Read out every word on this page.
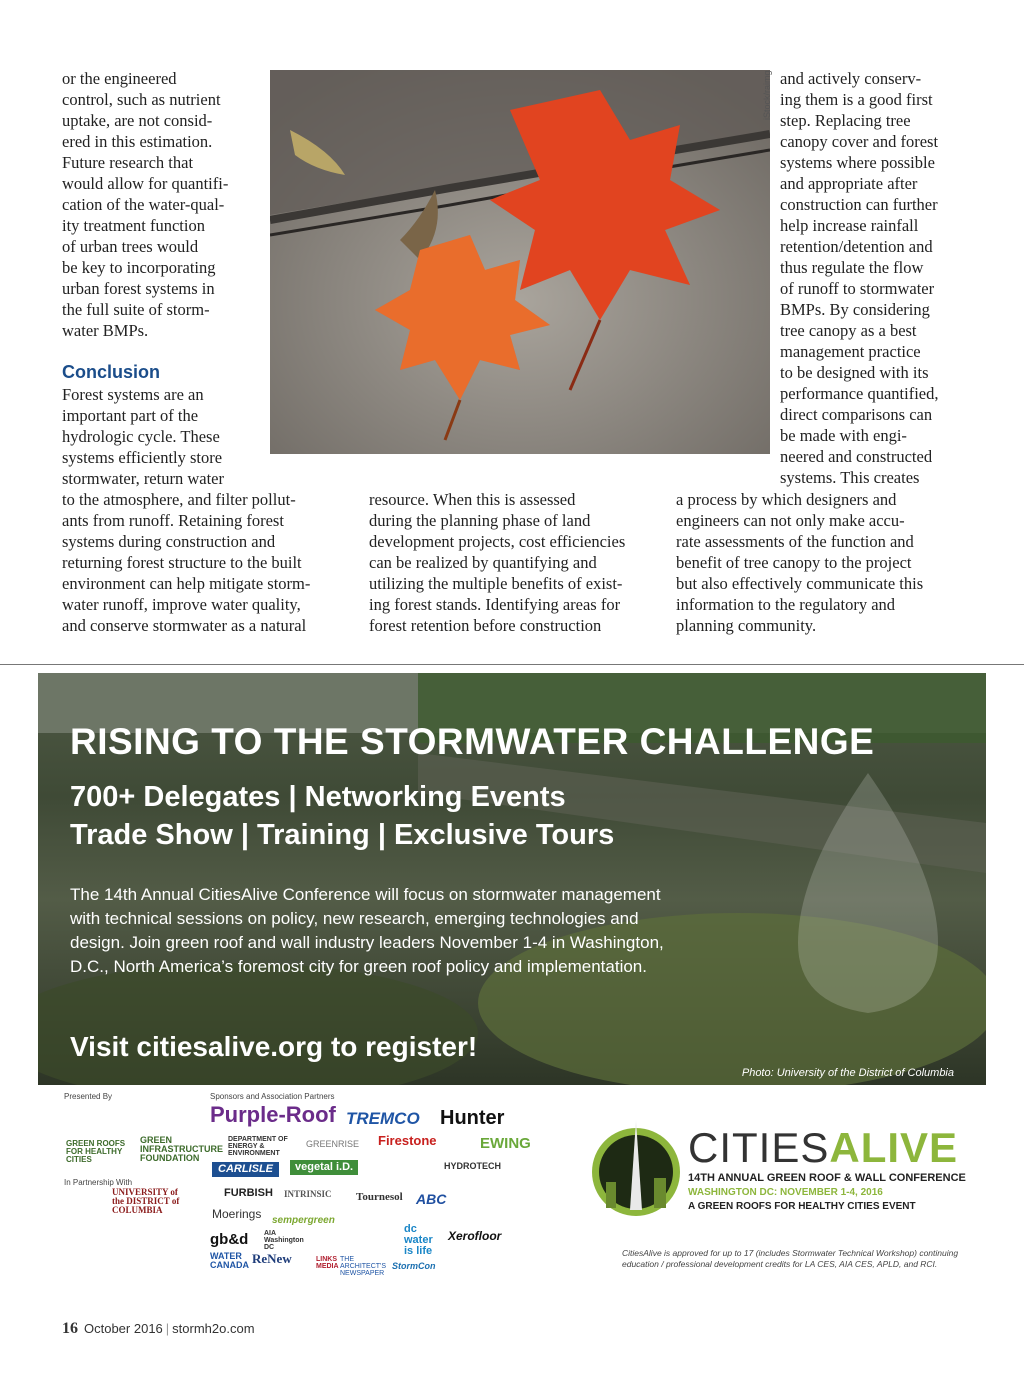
or the engineered
control, such as nutrient
uptake, are not consid-
ered in this estimation.
Future research that
would allow for quantifi-
cation of the water-qual-
ity treatment function
of urban trees would
be key to incorporating
urban forest systems in
the full suite of storm-
water BMPs.
Conclusion
Forest systems are an
important part of the
hydrologic cycle. These
systems efficiently store
stormwater, return water
and actively conserv-
ing them is a good first
step. Replacing tree
canopy cover and forest
systems where possible
and appropriate after
construction can further
help increase rainfall
retention/detention and
thus regulate the flow
of runoff to stormwater
BMPs. By considering
tree canopy as a best
management practice
to be designed with its
performance quantified,
direct comparisons can
be made with engi-
neered and constructed
systems. This creates
to the atmosphere, and filter pollut-
ants from runoff. Retaining forest
systems during construction and
returning forest structure to the built
environment can help mitigate storm-
water runoff, improve water quality,
and conserve stormwater as a natural
resource. When this is assessed
during the planning phase of land
development projects, cost efficiencies
can be realized by quantifying and
utilizing the multiple benefits of exist-
ing forest stands. Identifying areas for
forest retention before construction
a process by which designers and
engineers can not only make accu-
rate assessments of the function and
benefit of tree canopy to the project
but also effectively communicate this
information to the regulatory and
planning community.
iStock/raimg
RISING TO THE STORMWATER CHALLENGE
700+ Delegates | Networking Events
Trade Show | Training | Exclusive Tours
The 14th Annual CitiesAlive Conference will focus on stormwater management with technical sessions on policy, new research, emerging technologies and design. Join green roof and wall industry leaders November 1-4 in Washington, D.C., North America’s foremost city for green roof policy and implementation.
Visit citiesalive.org to register!
Photo: University of the District of Columbia
Presented By	Sponsors and Association Partners
In Partnership With
GREEN ROOFS FOR HEALTHY CITIES
GREEN INFRASTRUCTURE FOUNDATION
UNIVERSITY of the DISTRICT of COLUMBIA
Purple-Roof TREMCO Hunter
DEPARTMENT OF ENERGY & ENVIRONMENT
GREENRISE Firestone	EWING
CARLISLE	vegetal i.D.	HYDROTECH
FURBISH INTRINSIC Tournesol ABC
Moerings sempergreen
gb&d AIA Washington DC
dc water is life
Xerofloor
WATER CANADA ReNew	LINKS MEDIA
THE ARCHITECT'S NEWSPAPER
StormCon
CITIESALIVE
14TH ANNUAL GREEN ROOF & WALL CONFERENCE
WASHINGTON DC: NOVEMBER 1-4, 2016
A GREEN ROOFS FOR HEALTHY CITIES EVENT
CitiesAlive is approved for up to 17 (includes Stormwater Technical Workshop) continuing education / professional development credits for LA CES, AIA CES, APLD, and RCI.
16 October 2016 | stormh2o.com
